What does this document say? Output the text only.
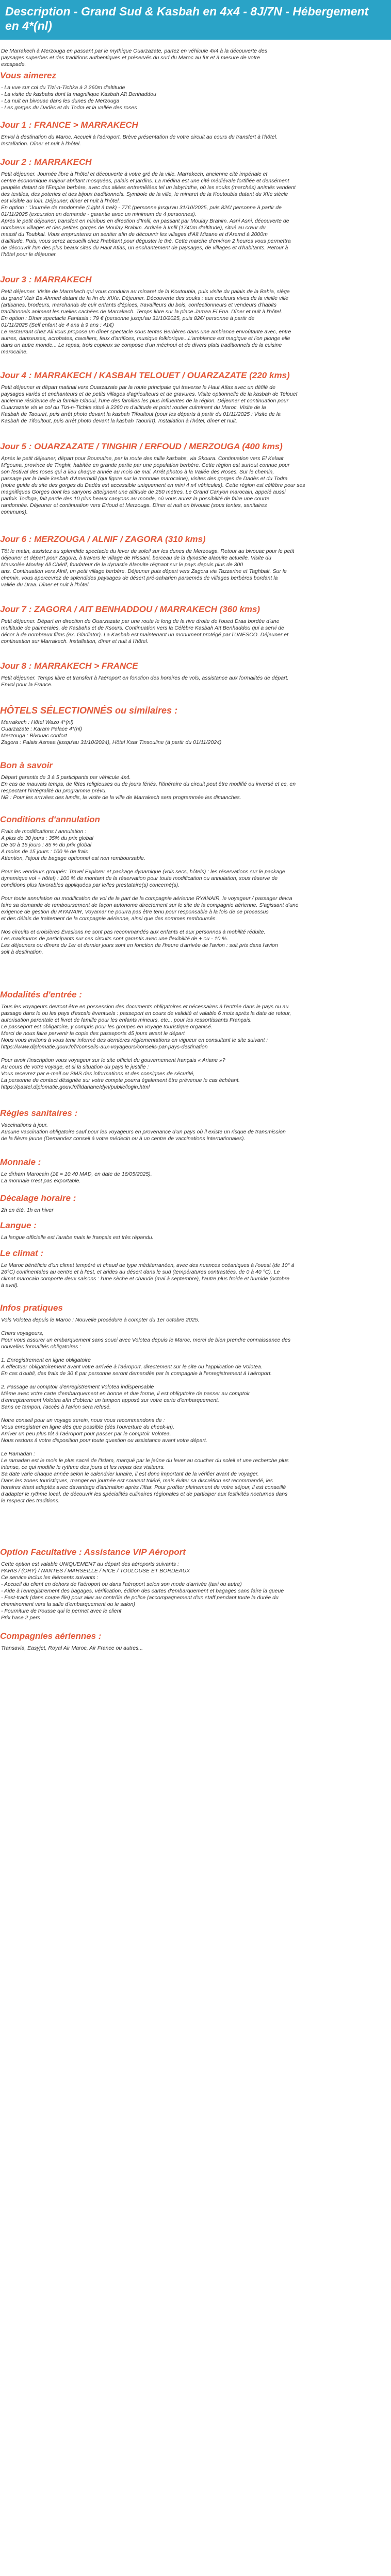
Description - Grand Sud & Kasbah en 4x4 - 8J/7N - Hébergement en 4*(nl)

De Marrakech à Merzouga en passant par le mythique Ouarzazate, partez en véhicule 4x4 à la découverte des

paysages superbes et des traditions authentiques et préservés du sud du Maroc au fur et à mesure de votre

escapade.

Vous aimerez

- La vue sur col du Tizi-n-Tichka à 2 260m d'altitude

- La visite de kasbahs dont la magnifique Kasbah Aït Benhaddou

- La nuit en bivouac dans les dunes de Merzouga

- Les gorges du Dadès et du Todra et la vallée des roses

Jour 1 : FRANCE > MARRAKECH

Envol à destination du Maroc. Accueil à l'aéroport. Brève présentation de votre circuit au cours du transfert à l'hôtel.

Installation. Dîner et nuit à l'hôtel.

Jour 2 : MARRAKECH

Petit déjeuner. Journée libre à l'hôtel et découverte à votre gré de la ville. Marrakech, ancienne cité impériale et

centre économique majeur abritant mosquées, palais et jardins. La médina est une cité médiévale fortifiée et densément

peuplée datant de l'Empire berbère, avec des allées entremêlées tel un labyrinthe, où les souks (marchés) animés vendent

des textiles, des poteries et des bijoux traditionnels. Symbole de la ville, le minaret de la Koutoubia datant du XIIe siècle

est visible au loin. Déjeuner, dîner et nuit à l'hôtel.

En option : "Journée de randonnée (Light à trek) - 77€ (personne jusqu'au 31/10/2025, puis 82€/ personne à partir de

01/11/2025 (excursion en demande - garantie avec un minimum de 4 personnes).

Après le petit déjeuner, transfert en minibus en direction d'Imlil, en passant par Moulay Brahim. Asni Asni, découverte de

nombreux villages et des petites gorges de Moulay Brahim. Arrivée à Imlil (1740m d'altitude), situé au cœur du

massif du Toubkal. Vous emprunterez un sentier afin de découvrir les villages d'Aït Mizane et d'Aremd à 2000m

d'altitude. Puis, vous serez accueilli chez l'habitant pour déguster le thé. Cette marche d'environ 2 heures vous permettra

de découvrir l'un des plus beaux sites du Haut Atlas, un enchantement de paysages, de villages et d'habitants. Retour à

l'hôtel pour le déjeuner.

Jour 3 : MARRAKECH

Petit déjeuner. Visite de Marrakech qui vous conduira au minaret de la Koutoubia, puis visite du palais de la Bahia, siège

du grand Vizir Ba Ahmed datant de la fin du XIXe. Déjeuner. Découverte des souks : aux couleurs vives de la vieille ville

(artisanes, brodeurs, marchands de cuir enfants d'épices, travailleurs du bois, confectionneurs et vendeurs d'habits

traditionnels animent les ruelles cachées de Marrakech. Temps libre sur la place Jamaa El Fna. Dîner et nuit à l'hôtel.

En option : Dîner spectacle Fantasia : 79 € (personne jusqu'au 31/10/2025, puis 82€/ personne à partir de

01/11/2025 (Self enfant de 4 ans à 9 ans : 41€)

Le restaurant chez Ali vous propose un dîner spectacle sous tentes Berbères dans une ambiance envoûtante avec, entre

autres, danseuses, acrobates, cavaliers, feux d'artifices, musique folklorique...L'ambiance est magique et l'on plonge elle

dans un autre monde... Le repas, trois copieux se compose d'un méchoui et de divers plats traditionnels de la cuisine

marocaine.

Jour 4 : MARRAKECH / KASBAH TELOUET / OUARZAZATE (220 kms)

Petit déjeuner et départ matinal vers Ouarzazate par la route principale qui traverse le Haut Atlas avec un défilé de

paysages variés et enchanteurs et de petits villages d'agriculteurs et de gravures. Visite optionnelle de la kasbah de Telouet

ancienne résidence de la famille Glaoui, l'une des familles les plus influentes de la région. Déjeuner et continuation pour

Ouarzazate via le col du Tizi-n-Tichka situé à 2260 m d'altitude et point routier culminant du Maroc. Visite de la

Kasbah de Taourirt, puis arrêt photo devant la kasbah Tifoultout (pour les départs à partir du 01/11/2025 : Visite de la

Kasbah de Tifoultout, puis arrêt photo devant la kasbah Taourirt). Installation à l'hôtel, dîner et nuit.

Jour 5 : OUARZAZATE / TINGHIR / ERFOUD / MERZOUGA (400 kms)

Après le petit déjeuner, départ pour Boumalne, par la route des mille kasbahs, via Skoura. Continuation vers El Kelaat

M'gouna, province de Tinghir, habitée en grande partie par une population berbère. Cette région est surtout connue pour

son festival des roses qui a lieu chaque année au mois de mai. Arrêt photos à la Vallée des Roses. Sur le chemin,

passage par la belle kasbah d'Amerhidil (qui figure sur la monnaie marocaine), visites des gorges de Dadès et du Todra

(notre guide du site des gorges du Dadès est accessible uniquement en mini 4 x4 véhicules). Cette région est célèbre pour ses

magnifiques Gorges dont les canyons atteignent une altitude de 250 mètres. Le Grand Canyon marocain, appelé aussi

parfois Todhga, fait partie des 10 plus beaux canyons au monde, où vous aurez la possibilité de faire une courte

randonnée. Déjeuner et continuation vers Erfoud et Merzouga. Dîner et nuit en bivouac (sous tentes, sanitaires

communs).

Jour 6 : MERZOUGA / ALNIF / ZAGORA (310 kms)

Tôt le matin, assistez au splendide spectacle du lever de soleil sur les dunes de Merzouga. Retour au bivouac pour le petit

déjeuner et départ pour Zagora, à travers le village de Rissani, berceau de la dynastie alaouite actuelle. Visite du

Mausolée Moulay Ali Chérif, fondateur de la dynastie Alaouite régnant sur le pays depuis plus de 300

ans. Continuation vers Alnif, un petit village berbère. Déjeuner puis départ vers Zagora via Tazzarine et Taghbalt. Sur le

chemin, vous apercevrez de splendides paysages de désert pré-saharien parsemés de villages berbères bordant la

vallée du Draa. Dîner et nuit à l'hôtel.

Jour 7 : ZAGORA / AIT BENHADDOU / MARRAKECH (360 kms)

Petit déjeuner. Départ en direction de Ouarzazate par une route le long de la rive droite de l'oued Draa bordée d'une

multitude de palmeraies, de Kasbahs et de Ksours. Continuation vers la Célèbre Kasbah Aït Benhaddou qui a servi de

décor à de nombreux films (ex. Gladiator). La Kasbah est maintenant un monument protégé par l'UNESCO. Déjeuner et

continuation sur Marrakech. Installation, dîner et nuit à l'hôtel.

Jour 8 : MARRAKECH > FRANCE

Petit déjeuner. Temps libre et transfert à l'aéroport en fonction des horaires de vols, assistance aux formalités de départ.

Envol pour la France.

HÔTELS SÉLECTIONNÉS ou similaires :

Marrakech : Hôtel Wazo 4*(nl)

Ouarzazate : Karam Palace 4*(nl)

Merzouga : Bivouac confort

Zagora : Palais Asmaa (jusqu'au 31/10/2024), Hôtel Ksar Tinsouline (à partir du 01/11/2024)

Bon à savoir

Départ garantis de 3 à 5 participants par véhicule 4x4.

En cas de mauvais temps, de fêtes religieuses ou de jours fériés, l'itinéraire du circuit peut être modifié ou inversé et ce, en

respectant l'intégralité du programme prévu.

NB : Pour les arrivées des lundis, la visite de la ville de Marrakech sera programmée les dimanches.

Conditions d'annulation

Frais de modifications / annulation :

A plus de 30 jours : 35% du prix global

De 30 à 15 jours : 85 % du prix global

A moins de 15 jours : 100 % de frais

Attention, l'ajout de bagage optionnel est non remboursable.

Pour les vendeurs groupés: Travel Explorer et package dynamique (vols secs, hôtels) : les réservations sur le package

dynamique vol + hôtel) : 100 % de montant de la réservation pour toute modification ou annulation, sous réserve de

conditions plus favorables appliquées par le/les prestataire(s) concerné(s).

Pour toute annulation ou modification de vol de la part de la compagnie aérienne RYANAIR, le voyageur / passager devra

faire sa demande de remboursement de façon autonome directement sur le site de la compagnie aérienne. S'agissant d'une

exigence de gestion du RYANAIR, Voyamar ne pourra pas être tenu pour responsable à la fois de ce processus

et des délais de traitement de la compagnie aérienne, ainsi que des sommes remboursés.

Nos circuits et croisières Évasions ne sont pas recommandés aux enfants et aux personnes à mobilité réduite.

Les maximums de participants sur ces circuits sont garantis avec une flexibilité de + ou - 10 %.

Les déjeuners ou dîners du 1er et dernier jours sont en fonction de l'heure d'arrivée de l'avion : soit pris dans l'avion

soit à destination.

Modalités d'entrée :

Tous les voyageurs devront être en possession des documents obligatoires et nécessaires à l'entrée dans le pays ou au

passage dans le ou les pays d'escale éventuels : passeport en cours de validité et valable 6 mois après la date de retour,

autorisation parentale et livret de famille pour les enfants mineurs, etc... pour les ressortissants Français.

Le passeport est obligatoire, y compris pour les groupes en voyage touristique organisé.

Merci de nous faire parvenir la copie des passeports 45 jours avant le départ

Nous vous invitons à vous tenir informé des dernières réglementations en vigueur en consultant le site suivant :

https://www.diplomatie.gouv.fr/fr/conseils-aux-voyageurs/conseils-par-pays-destination

Pour avoir l'inscription vous voyageur sur le site officiel du gouvernement français « Ariane »?

Au cours de votre voyage, et si la situation du pays le justifie :

Vous recevrez par e-mail ou SMS des informations et des consignes de sécurité,

La personne de contact désignée sur votre compte pourra également être prévenue le cas échéant.

https://pastel.diplomatie.gouv.fr/fildariane/dyn/public/login.html

Règles sanitaires :

Vaccinations à jour.

Aucune vaccination obligatoire sauf pour les voyageurs en provenance d'un pays où il existe un risque de transmission

de la fièvre jaune (Demandez conseil à votre médecin ou à un centre de vaccinations internationales).

Monnaie :

Le dirham Marocain (1€ = 10.40 MAD, en date de 16/05/2025).

La monnaie n'est pas exportable.

Décalage horaire :

2h en été, 1h en hiver

Langue :

La langue officielle est l'arabe mais le français est très répandu.

Le climat :

Le Maroc bénéficie d'un climat tempéré et chaud de type méditerranéen, avec des nuances océaniques à l'ouest (de 10° à

26°C) continentales au centre et à l'est, et arides au désert dans le sud (températures contrastées, de 0 à 40 °C). Le

climat marocain comporte deux saisons : l'une sèche et chaude (mai à septembre), l'autre plus froide et humide (octobre

à avril).

Infos pratiques

Vols Volotea depuis le Maroc : Nouvelle procédure à compter du 1er octobre 2025.

Chers voyageurs,

Pour vous assurer un embarquement sans souci avec Volotea depuis le Maroc, merci de bien prendre connaissance des

nouvelles formalités obligatoires :

1. Enregistrement en ligne obligatoire

À effectuer obligatoirement avant votre arrivée à l'aéroport, directement sur le site ou l'application de Volotea.

En cas d'oubli, des frais de 30 € par personne seront demandés par la compagnie à l'enregistrement à l'aéroport.

2. Passage au comptoir d'enregistrement Volotea indispensable

Même avec votre carte d'embarquement en bonne et due forme, il est obligatoire de passer au comptoir

d'enregistrement Volotea afin d'obtenir un tampon apposé sur votre carte d'embarquement.

Sans ce tampon, l'accès à l'avion sera refusé.

Notre conseil pour un voyage serein, nous vous recommandons de :

Vous enregistrer en ligne dès que possible (dès l'ouverture du check-in).

Arriver un peu plus tôt à l'aéroport pour passer par le comptoir Volotea.

Nous restons à votre disposition pour toute question ou assistance avant votre départ.

Le Ramadan :

Le ramadan est le mois le plus sacré de l'Islam, marqué par le jeûne du lever au coucher du soleil et une recherche plus

intense, ce qui modifie le rythme des jours et les repas des visiteurs.

Sa date varie chaque année selon le calendrier lunaire, il est donc important de la vérifier avant de voyager.

Dans les zones touristiques, manger en journée est souvent toléré, mais éviter sa discrétion est recommandé, les

horaires étant adaptés avec davantage d'animation après l'iftar. Pour profiter pleinement de votre séjour, il est conseillé

d'adapter le rythme local, de découvrir les spécialités culinaires régionales et de participer aux festivités nocturnes dans

le respect des traditions.

Option Facultative : Assistance VIP Aéroport

Cette option est valable UNIQUEMENT au départ des aéroports suivants :

PARIS / (ORY) / NANTES / MARSEILLE / NICE / TOULOUSE ET BORDEAUX

Ce service inclus les éléments suivants :

- Accueil du client en dehors de l'aéroport ou dans l'aéroport selon son mode d'arrivée (taxi ou autre)

- Aide à l'enregistrement des bagages, vérification, édition des cartes d'embarquement et bagages sans faire la queue

- Fast-track (dans coupe file) pour aller au contrôle de police (accompagnement d'un staff pendant toute la durée du

cheminement vers la salle d'embarquement ou le salon)

- Fourniture de trousse qui le permet avec le client

Prix base 2 pers

Compagnies aériennes :

Transavia, Easyjet, Royal Air Maroc, Air France ou autres...
